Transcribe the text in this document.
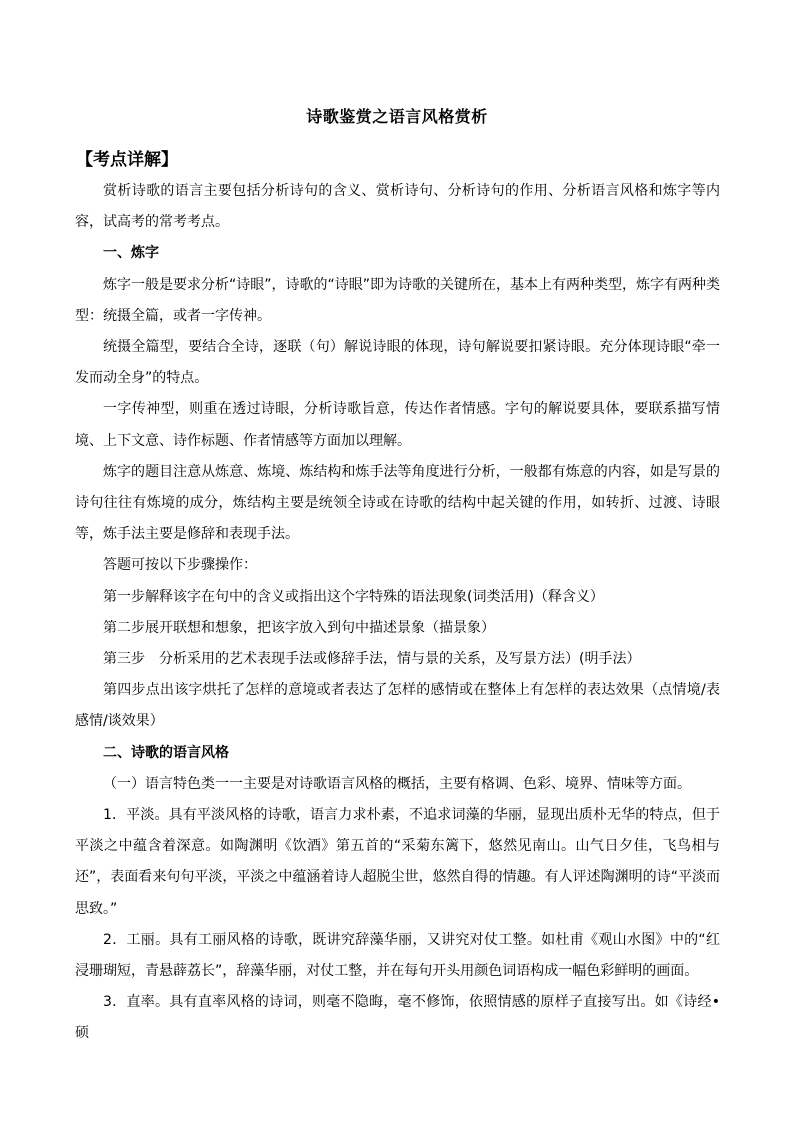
诗歌鉴赏之语言风格赏析
【考点详解】

赏析诗歌的语言主要包括分析诗句的含义、赏析诗句、分析诗句的作用、分析语言风格和炼字等内容，试高考的常考考点。

一、炼字

炼字一般是要求分析“诗眼”，诗歌的“诗眼”即为诗歌的关键所在，基本上有两种类型，炼字有两种类型：统摄全篇，或者一字传神。

统摄全篇型，要结合全诗，逐联（句）解说诗眼的体现，诗句解说要扣紧诗眼。充分体现诗眼“牵一发而动全身”的特点。

一字传神型，则重在透过诗眼，分析诗歌旨意，传达作者情感。字句的解说要具体，要联系描写情境、上下文意、诗作标题、作者情感等方面加以理解。

炼字的题目注意从炼意、炼境、炼结构和炼手法等角度进行分析，一般都有炼意的内容，如是写景的诗句往往有炼境的成分，炼结构主要是统领全诗或在诗歌的结构中起关键的作用，如转折、过渡、诗眼等，炼手法主要是修辞和表现手法。

答题可按以下步骤操作：

第一步解释该字在句中的含义或指出这个字特殊的语法现象(词类活用)（释含义）

第二步展开联想和想象，把该字放入到句中描述景象（描景象）

第三步　分析采用的艺术表现手法或修辞手法，情与景的关系，及写景方法）(明手法）

第四步点出该字烘托了怎样的意境或者表达了怎样的感情或在整体上有怎样的表达效果（点情境/表感情/谈效果）

二、诗歌的语言风格

（一）语言特色类一一主要是对诗歌语言风格的概括，主要有格调、色彩、境界、情味等方面。

1．平淡。具有平淡风格的诗歌，语言力求朴素，不追求词藻的华丽，显现出质朴无华的特点，但于平淡之中蕴含着深意。如陶渊明《饮酒》第五首的“采菊东篱下，悠然见南山。山气日夕佳，飞鸟相与还”，表面看来句句平淡，平淡之中蕴涵着诗人超脱尘世，悠然自得的情趣。有人评述陶渊明的诗“平淡而思致。”

2．工丽。具有工丽风格的诗歌，既讲究辞藻华丽，又讲究对仗工整。如杜甫《观山水图》中的“红浸珊瑚短，青悬薜荔长”，辞藻华丽，对仗工整，并在每句开头用颜色词语构成一幅色彩鲜明的画面。

3．直率。具有直率风格的诗词，则毫不隐晦，毫不修饰，依照情感的原样子直接写出。如《诗经•硕
